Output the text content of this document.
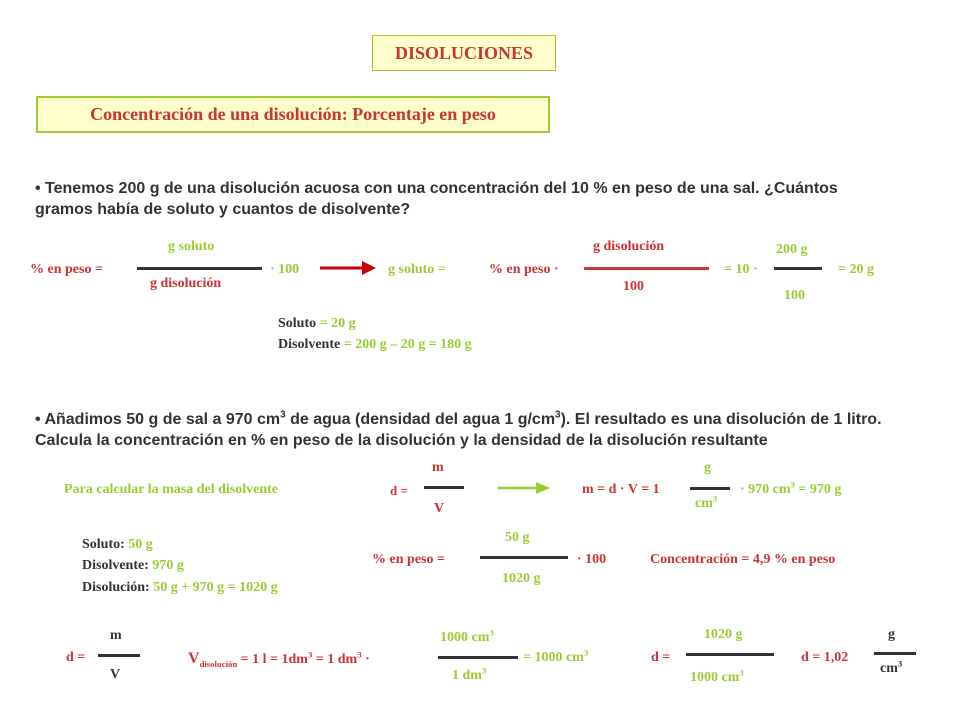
DISOLUCIONES
Concentración de una disolución: Porcentaje en peso
• Tenemos 200 g de una disolución acuosa con una concentración del 10 % en peso de una sal. ¿Cuántos gramos había de soluto y cuantos de disolvente?
% en peso =
g soluto
g disolución
· 100	g soluto =	% en peso ·
g disolución
100
= 10 ·
200 g
100
= 20 g
Soluto = 20 g
Disolvente = 200 g – 20 g = 180 g
• Añadimos 50 g de sal a 970 $cm^3$ de agua (densidad del agua 1 $g/cm^3$). El resultado es una disolución de 1 litro. Calcula la concentración en % en peso de la disolución y la densidad de la disolución resultante
Para calcular la masa del disolvente	d =
m
V
m = d · V = 1
g
$cm^3$
· 970 $cm^3 = 970$ g
Soluto: 50 g
Disolvente: 970 g
Disolución: 50 g + 970 g = 1020 g
% en peso =
50 g
1020 g
· 100	Concentración = 4,9 % en peso
d =
m
V
$V_{disolución} = 1$ $l = 1dm^3 = 1$ $dm^3$ ·
1000 $cm^3$
1 $dm^3$
= 1000 $cm^3$	d =
1020 g
1000 $cm^3$
d = 1,02
g
$cm^3$
